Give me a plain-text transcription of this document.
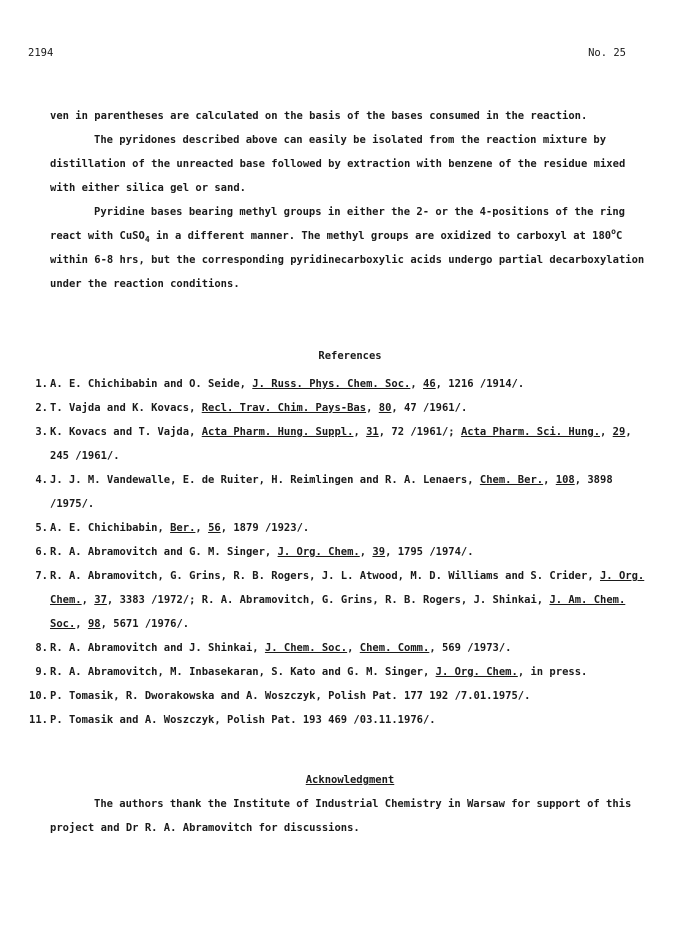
2194	No. 25

ven in parentheses are calculated on the basis of the bases consumed in the reaction.

The pyridones described above can easily be isolated from the reaction mixture by distillation of the unreacted base followed by extraction with benzene of the residue mixed with either silica gel or sand.

Pyridine bases bearing methyl groups in either the 2- or the 4-positions of the ring react with CuSO$_4$ in a different manner. The methyl groups are oxidized to carboxyl at 180$^o$C within 6-8 hrs, but the corresponding pyridinecarboxylic acids undergo partial decarboxylation under the reaction conditions.

References

1. A. E. Chichibabin and O. Seide, J. Russ. Phys. Chem. Soc., 46, 1216 /1914/.
2. T. Vajda and K. Kovacs, Recl. Trav. Chim. Pays-Bas, 80, 47 /1961/.
3. K. Kovacs and T. Vajda, Acta Pharm. Hung. Suppl., 31, 72 /1961/; Acta Pharm. Sci. Hung., 29, 245 /1961/.
4. J. J. M. Vandewalle, E. de Ruiter, H. Reimlingen and R. A. Lenaers, Chem. Ber., 108, 3898 /1975/.
5. A. E. Chichibabin, Ber., 56, 1879 /1923/.
6. R. A. Abramovitch and G. M. Singer, J. Org. Chem., 39, 1795 /1974/.
7. R. A. Abramovitch, G. Grins, R. B. Rogers, J. L. Atwood, M. D. Williams and S. Crider, J. Org. Chem., 37, 3383 /1972/; R. A. Abramovitch, G. Grins, R. B. Rogers, J. Shinkai, J. Am. Chem. Soc., 98, 5671 /1976/.
8. R. A. Abramovitch and J. Shinkai, J. Chem. Soc., Chem. Comm., 569 /1973/.
9. R. A. Abramovitch, M. Inbasekaran, S. Kato and G. M. Singer, J. Org. Chem., in press.
10. P. Tomasik, R. Dworakowska and A. Woszczyk, Polish Pat. 177 192 /7.01.1975/.
11. P. Tomasik and A. Woszczyk, Polish Pat. 193 469 /03.11.1976/.

Acknowledgment

The authors thank the Institute of Industrial Chemistry in Warsaw for support of this project and Dr R. A. Abramovitch for discussions.
